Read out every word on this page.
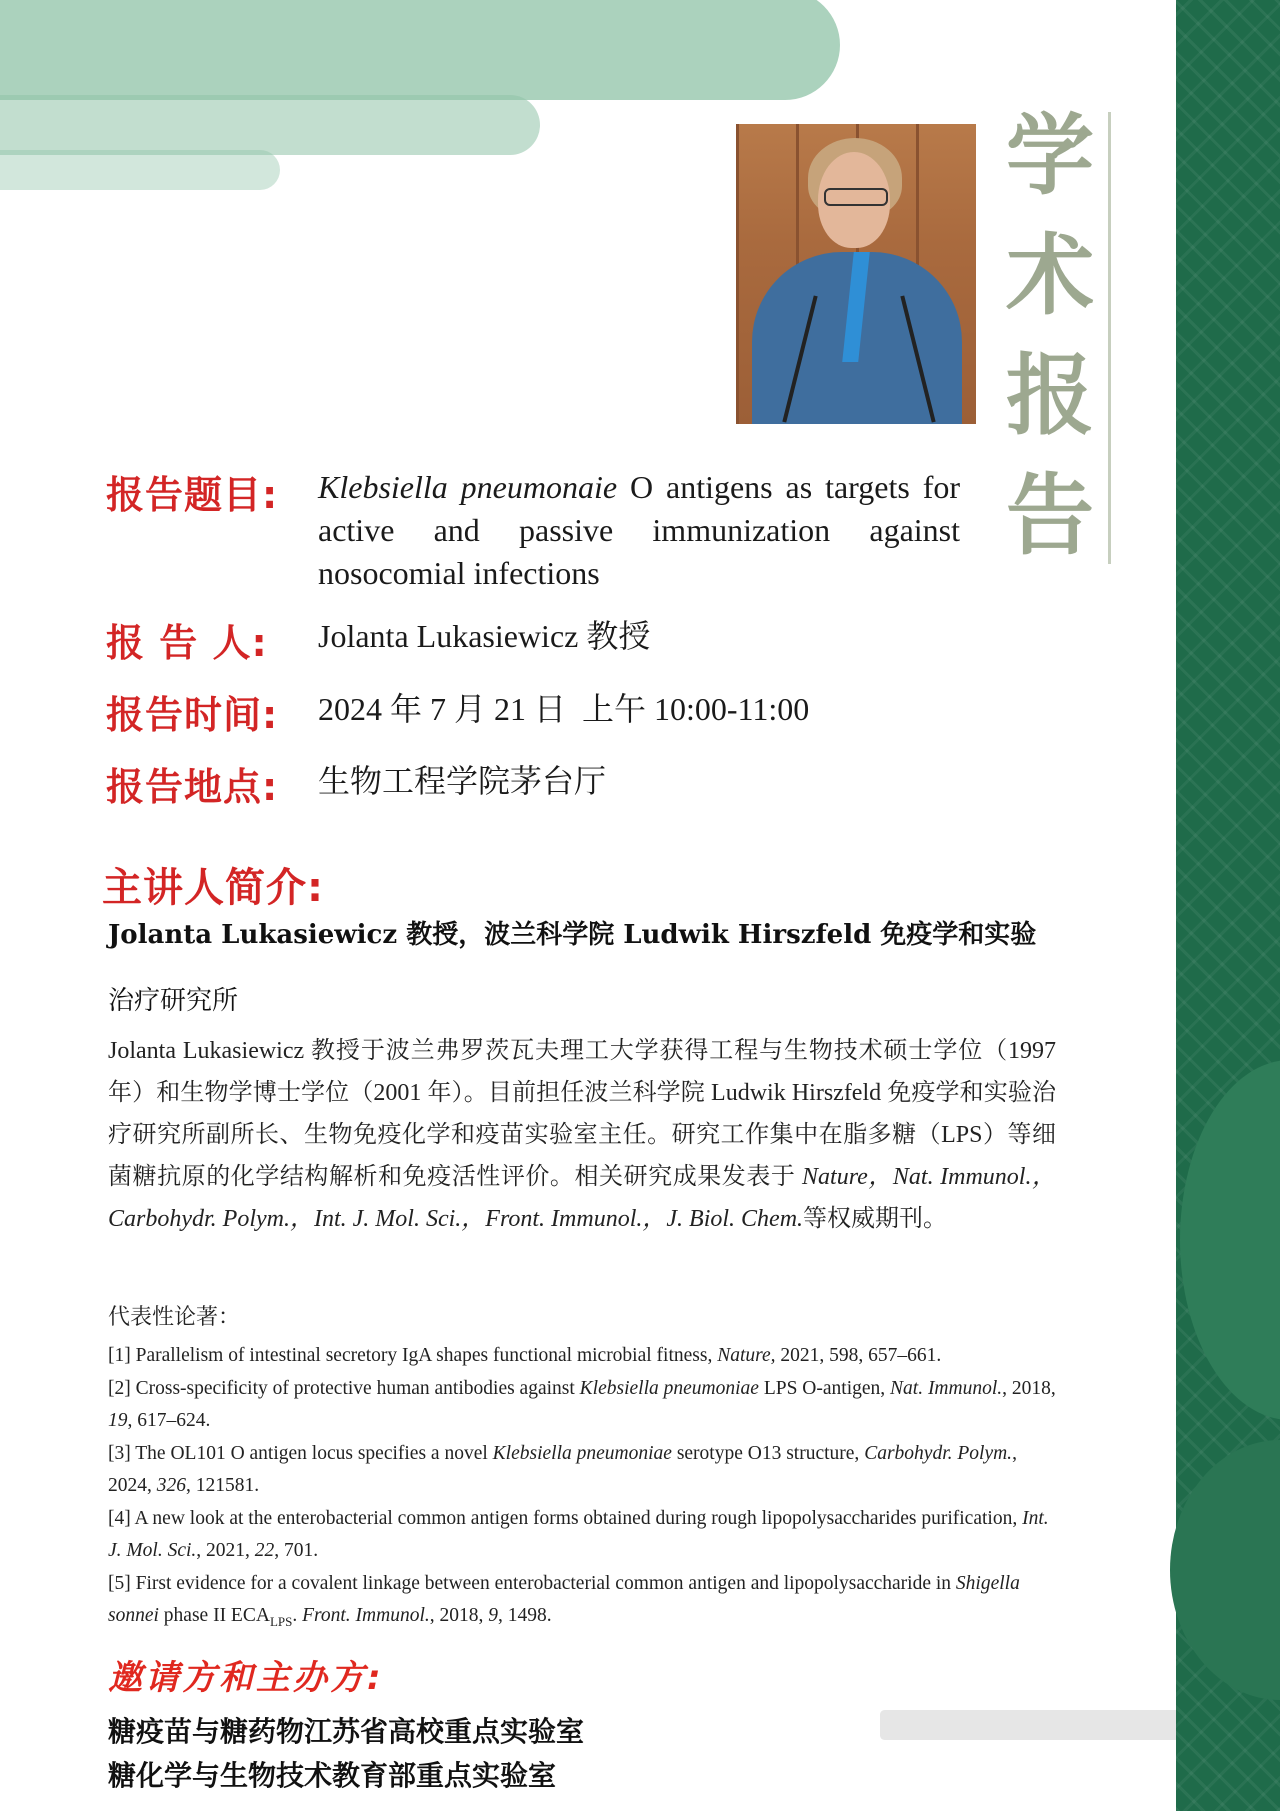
学
术
报
告
报告题目: Klebsiella pneumonaie O antigens as targets for active and passive immunization against nosocomial infections
报 告 人: Jolanta Lukasiewicz 教授
报告时间: 2024 年 7 月 21 日  上午 10:00-11:00
报告地点: 生物工程学院茅台厅
主讲人简介:
Jolanta Lukasiewicz 教授，波兰科学院 Ludwik Hirszfeld 免疫学和实验
治疗研究所
Jolanta Lukasiewicz 教授于波兰弗罗茨瓦夫理工大学获得工程与生物技术硕士学位（1997 年）和生物学博士学位（2001 年）。目前担任波兰科学院 Ludwik Hirszfeld 免疫学和实验治疗研究所副所长、生物免疫化学和疫苗实验室主任。研究工作集中在脂多糖（LPS）等细菌糖抗原的化学结构解析和免疫活性评价。相关研究成果发表于 Nature，Nat. Immunol.，Carbohydr. Polym.，Int. J. Mol. Sci.，Front. Immunol.，J. Biol. Chem.等权威期刊。
代表性论著：
[1] Parallelism of intestinal secretory IgA shapes functional microbial fitness, Nature, 2021, 598, 657–661.
[2] Cross-specificity of protective human antibodies against Klebsiella pneumoniae LPS O-antigen, Nat. Immunol., 2018, 19, 617–624.
[3] The OL101 O antigen locus specifies a novel Klebsiella pneumoniae serotype O13 structure, Carbohydr. Polym., 2024, 326, 121581.
[4] A new look at the enterobacterial common antigen forms obtained during rough lipopolysaccharides purification, Int. J. Mol. Sci., 2021, 22, 701.
[5] First evidence for a covalent linkage between enterobacterial common antigen and lipopolysaccharide in Shigella sonnei phase II $ECA_{LPS}$. Front. Immunol., 2018, 9, 1498.
邀请方和主办方:
糖疫苗与糖药物江苏省高校重点实验室
糖化学与生物技术教育部重点实验室
